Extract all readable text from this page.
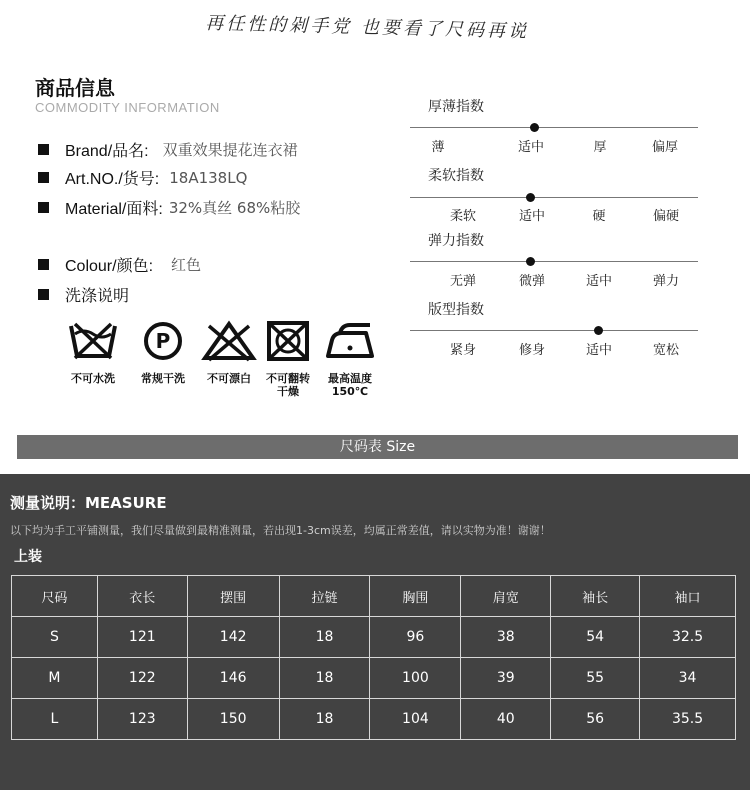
再任性的剁手党 也要看了尺码再说
商品信息
COMMODITY INFORMATION
Brand/品名: 双重效果提花连衣裙
Art.NO./货号: 18A138LQ
Material/面料: 32%真丝 68%粘胶
Colour/颜色: 红色
洗涤说明
不可水洗
P
常规干洗	不可漂白	不可翻转
干燥
最高温度
150℃
厚薄指数
薄	适中	厚	偏厚
柔软指数
柔软	适中	硬	偏硬
弹力指数
无弹	微弹	适中	弹力
版型指数
紧身	修身	适中	宽松
尺码表 Size
测量说明：MEASURE
以下均为手工平铺测量，我们尽量做到最精准测量，若出现1-3cm误差，均属正常差值，请以实物为准！谢谢！
上装
尺码	衣长	摆围	拉链	胸围	肩宽	袖长	袖口
S	121	142	18	96	38	54	32.5
M	122	146	18	100	39	55	34
L	123	150	18	104	40	56	35.5
